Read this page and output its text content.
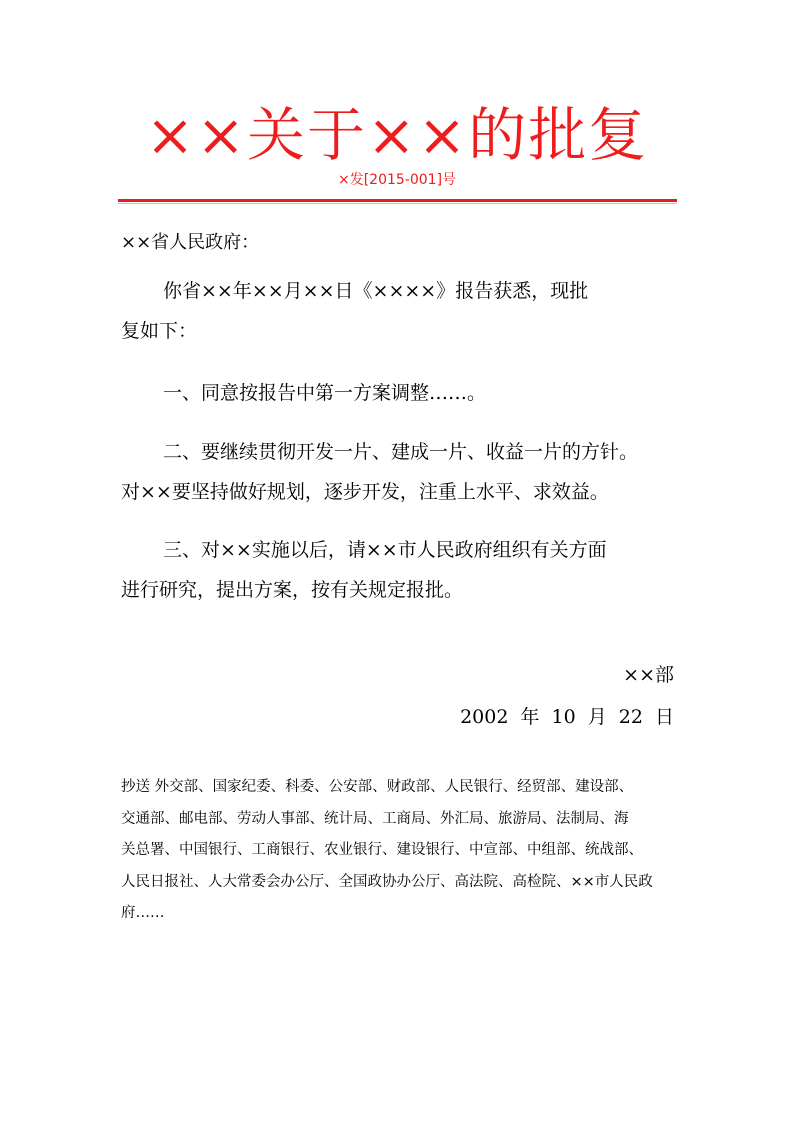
××关于××的批复
×发[2015-001]号
××省人民政府：
你省××年××月××日《××××》报告获悉，现批
复如下：
一、同意按报告中第一方案调整……。
二、要继续贯彻开发一片、建成一片、收益一片的方针。
对××要坚持做好规划，逐步开发，注重上水平、求效益。
三、对××实施以后，请××市人民政府组织有关方面
进行研究，提出方案，按有关规定报批。
××部
2002 年 10 月 22 日
抄送 外交部、国家纪委、科委、公安部、财政部、人民银行、经贸部、建设部、
交通部、邮电部、劳动人事部、统计局、工商局、外汇局、旅游局、法制局、海
关总署、中国银行、工商银行、农业银行、建设银行、中宣部、中组部、统战部、
人民日报社、人大常委会办公厅、全国政协办公厅、高法院、高检院、××市人民政
府……
